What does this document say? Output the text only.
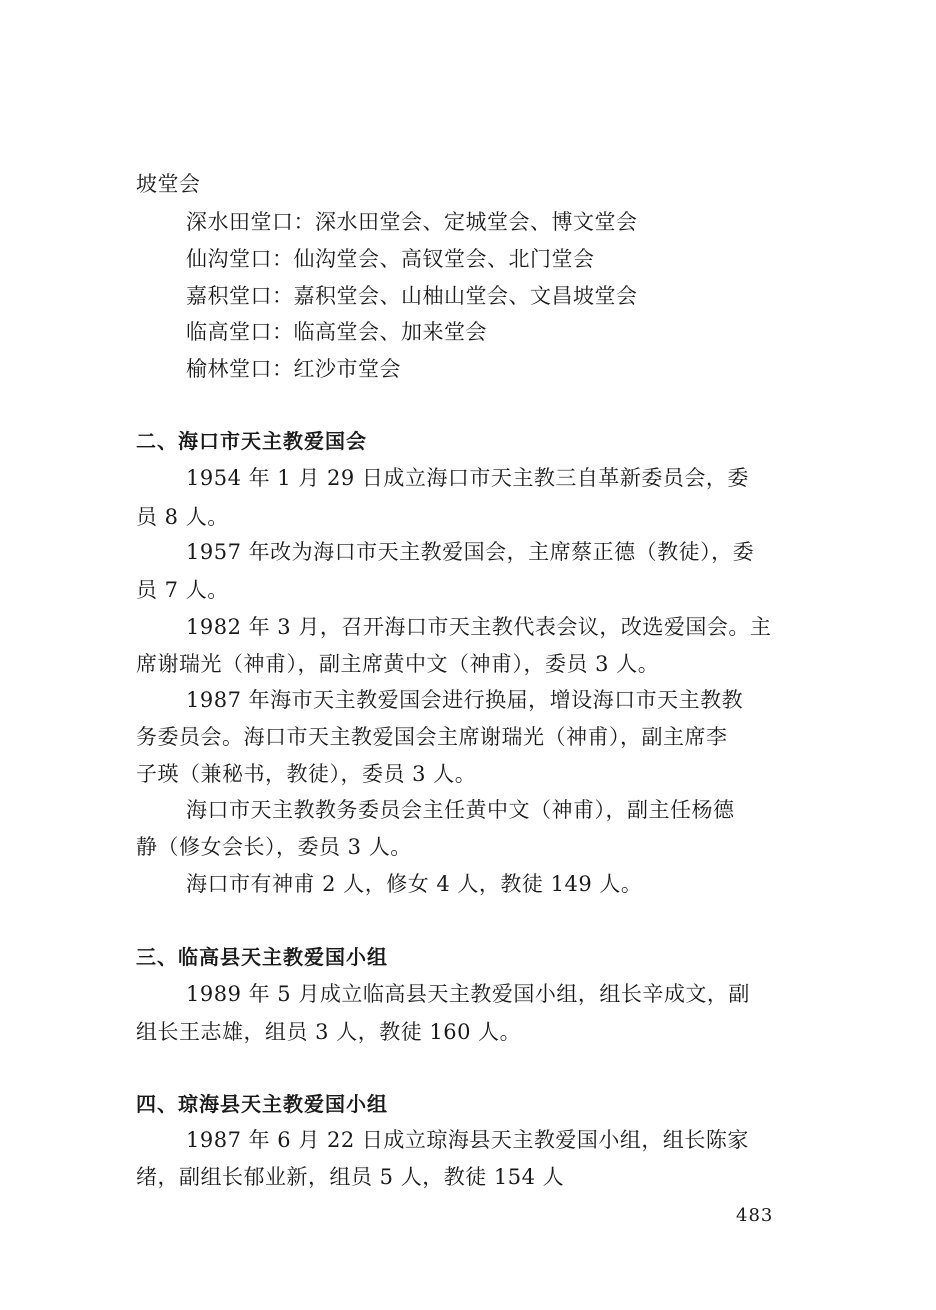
坡堂会
深水田堂口：深水田堂会、定城堂会、博文堂会
仙沟堂口：仙沟堂会、高钗堂会、北门堂会
嘉积堂口：嘉积堂会、山柚山堂会、文昌坡堂会
临高堂口：临高堂会、加来堂会
榆林堂口：红沙市堂会
二、海口市天主教爱国会
1954 年 1 月 29 日成立海口市天主教三自革新委员会，委
员 8 人。
1957 年改为海口市天主教爱国会，主席蔡正德（教徒），委
员 7 人。
1982 年 3 月，召开海口市天主教代表会议，改选爱国会。主
席谢瑞光（神甫），副主席黄中文（神甫），委员 3 人。
1987 年海市天主教爱国会进行换届，增设海口市天主教教
务委员会。海口市天主教爱国会主席谢瑞光（神甫），副主席李
子瑛（兼秘书，教徒），委员 3 人。
海口市天主教教务委员会主任黄中文（神甫），副主任杨德
静（修女会长），委员 3 人。
海口市有神甫 2 人，修女 4 人，教徒 149 人。
三、临高县天主教爱国小组
1989 年 5 月成立临高县天主教爱国小组，组长辛成文，副
组长王志雄，组员 3 人，教徒 160 人。
四、琼海县天主教爱国小组
1987 年 6 月 22 日成立琼海县天主教爱国小组，组长陈家
绪，副组长郁业新，组员 5 人，教徒 154 人
483
